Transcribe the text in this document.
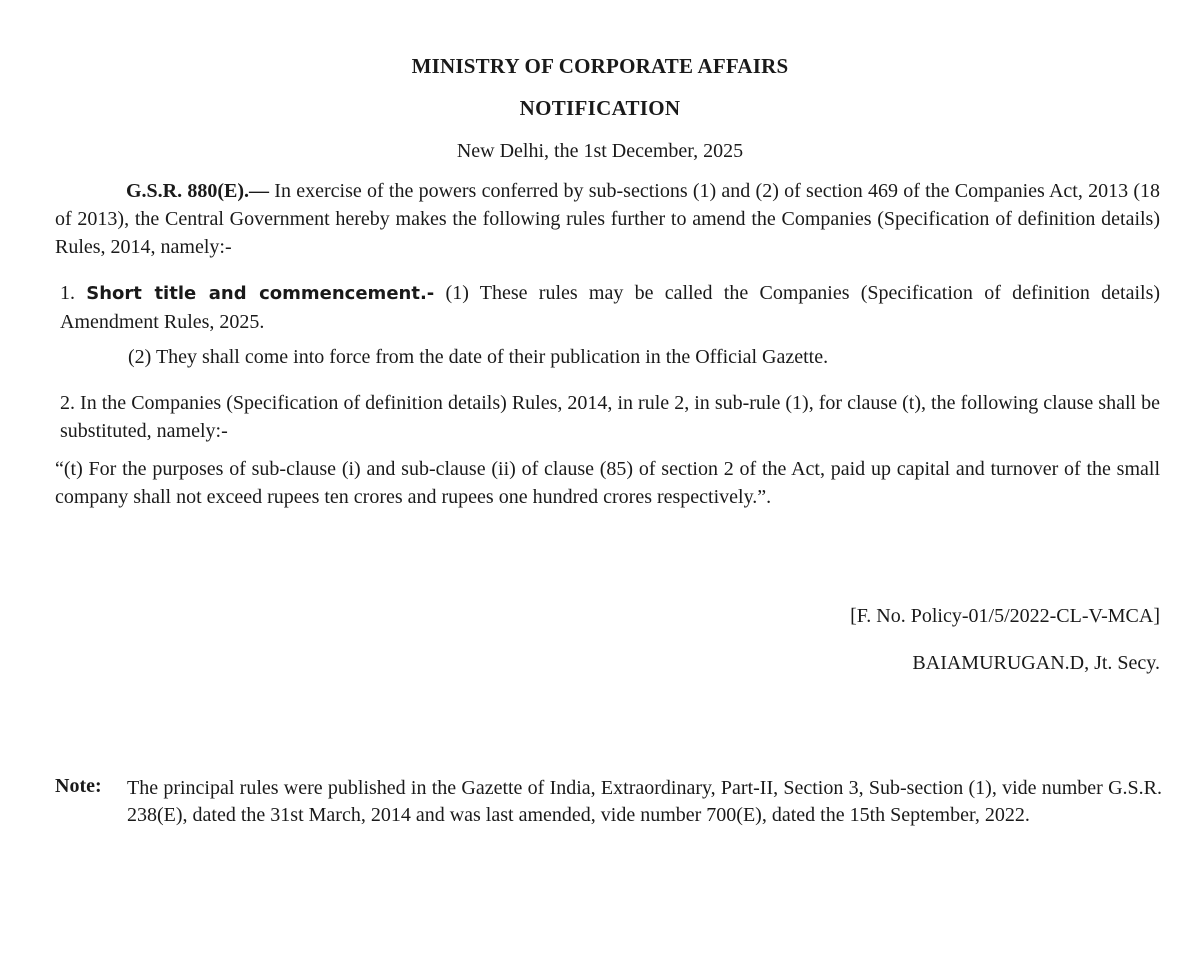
MINISTRY OF CORPORATE AFFAIRS
NOTIFICATION
New Delhi, the 1st December, 2025
G.S.R. 880(E).— In exercise of the powers conferred by sub-sections (1) and (2) of section 469 of the Companies Act, 2013 (18 of 2013), the Central Government hereby makes the following rules further to amend the Companies (Specification of definition details) Rules, 2014, namely:-
1. Short title and commencement.- (1) These rules may be called the Companies (Specification of definition details) Amendment Rules, 2025.
(2) They shall come into force from the date of their publication in the Official Gazette.
2. In the Companies (Specification of definition details) Rules, 2014, in rule 2, in sub-rule (1), for clause (t), the following clause shall be substituted, namely:-
“(t) For the purposes of sub-clause (i) and sub-clause (ii) of clause (85) of section 2 of the Act, paid up capital and turnover of the small company shall not exceed rupees ten crores and rupees one hundred crores respectively.”.
[F. No. Policy-01/5/2022-CL-V-MCA]
BAIAMURUGAN.D, Jt. Secy.
Note: The principal rules were published in the Gazette of India, Extraordinary, Part-II, Section 3, Sub-section (1), vide number G.S.R. 238(E), dated the 31st March, 2014 and was last amended, vide number 700(E), dated the 15th September, 2022.
